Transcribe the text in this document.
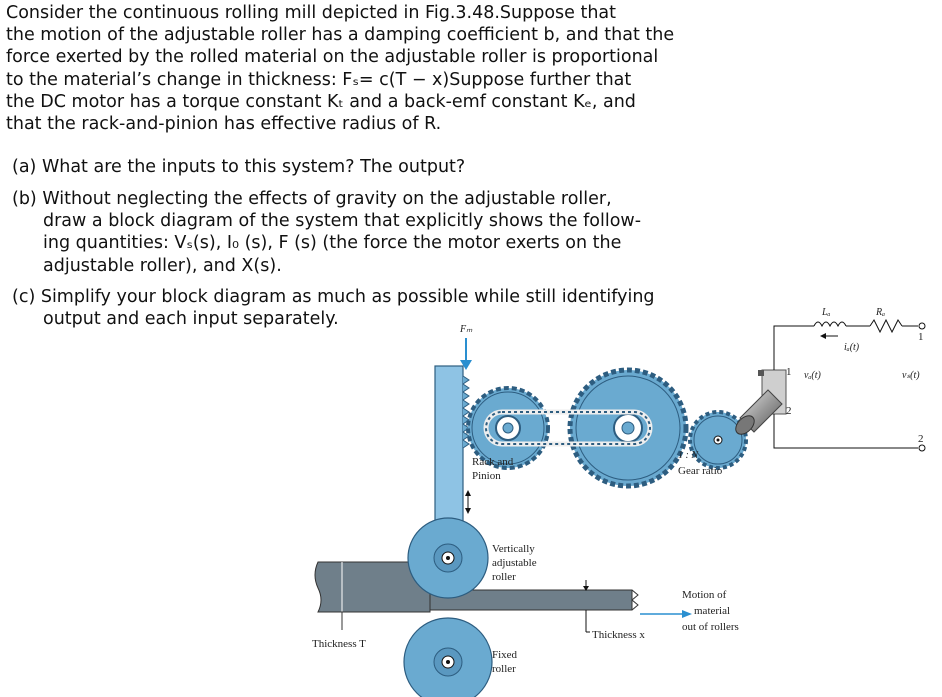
Consider the continuous rolling mill depicted in Fig.3.48.Suppose that
the motion of the adjustable roller has a damping coefficient b, and that the
force exerted by the rolled material on the adjustable roller is proportional
to the material’s change in thickness: Fₛ= c(T − x)Suppose further that
the DC motor has a torque constant Kₜ and a back-emf constant Kₑ, and
that the rack-and-pinion has effective radius of R.
(a) What are the inputs to this system? The output?
(b) Without neglecting the effects of gravity on the adjustable roller,
draw a block diagram of the system that explicitly shows the follow-
ing quantities: Vₛ(s), I₀ (s), F (s) (the force the motor exerts on the
adjustable roller), and X(s).
(c) Simplify your block diagram as much as possible while still identifying
output and each input separately.
Thickness T
Fₘ
1
2
Lₐ	Rₐ
iₐ(t)
vₐ(t)	vₛ(t)
1
2
Rack and
Pinion
1 : N
Gear ratio
Vertically
adjustable
roller
Thickness x
Motion of
material
out of rollers
Fixed
roller
